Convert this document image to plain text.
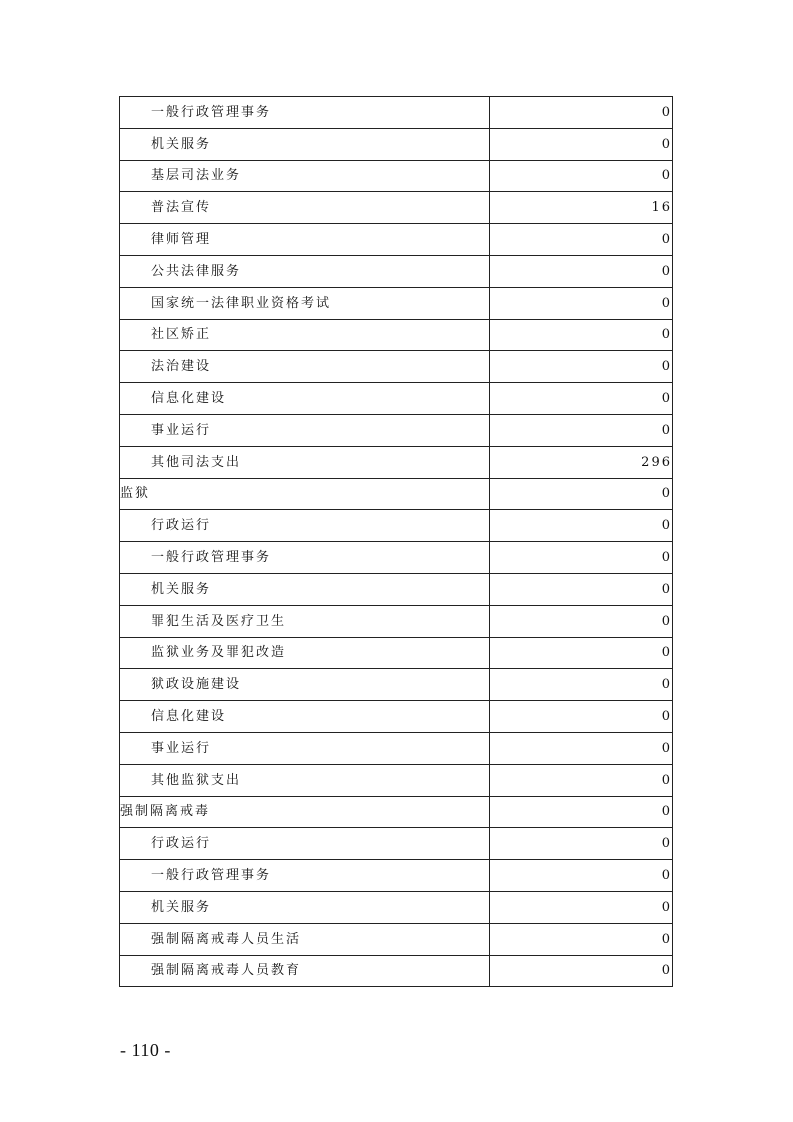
一般行政管理事务	0
机关服务	0
基层司法业务	0
普法宣传	16
律师管理	0
公共法律服务	0
国家统一法律职业资格考试	0
社区矫正	0
法治建设	0
信息化建设	0
事业运行	0
其他司法支出	296
监狱	0
行政运行	0
一般行政管理事务	0
机关服务	0
罪犯生活及医疗卫生	0
监狱业务及罪犯改造	0
狱政设施建设	0
信息化建设	0
事业运行	0
其他监狱支出	0
强制隔离戒毒	0
行政运行	0
一般行政管理事务	0
机关服务	0
强制隔离戒毒人员生活	0
强制隔离戒毒人员教育	0
- 110 -
